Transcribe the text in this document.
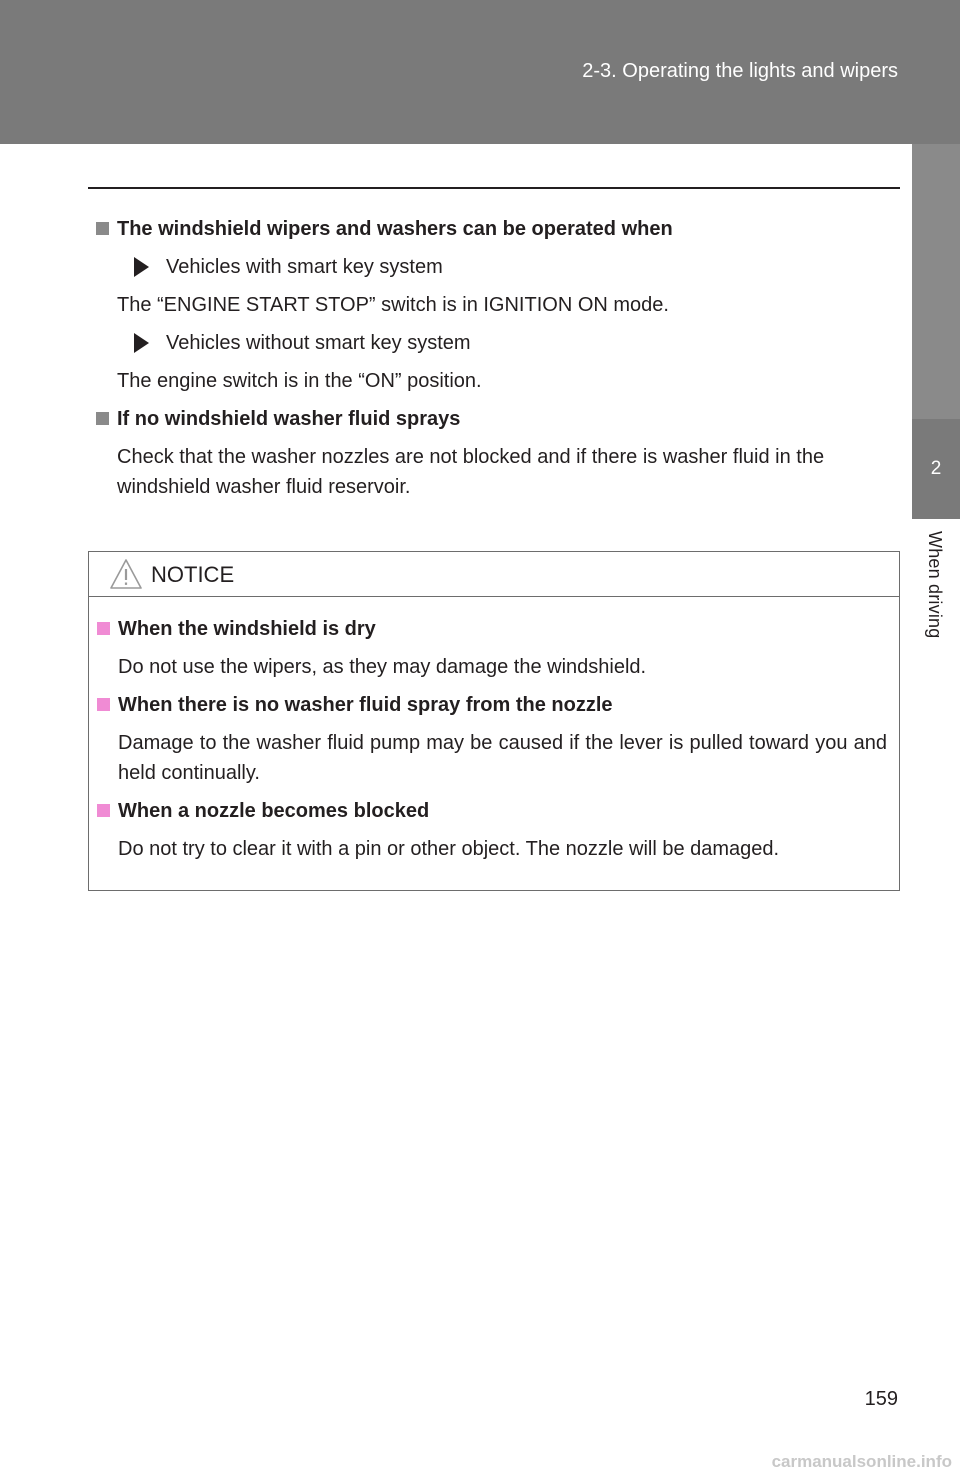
2-3. Operating the lights and wipers
2
When driving
The windshield wipers and washers can be operated when
Vehicles with smart key system
The “ENGINE START STOP” switch is in IGNITION ON mode.
Vehicles without smart key system
The engine switch is in the “ON” position.
If no windshield washer fluid sprays
Check that the washer nozzles are not blocked and if there is washer fluid in the windshield washer fluid reservoir.
NOTICE
When the windshield is dry
Do not use the wipers, as they may damage the windshield.
When there is no washer fluid spray from the nozzle
Damage to the washer fluid pump may be caused if the lever is pulled toward you and held continually.
When a nozzle becomes blocked
Do not try to clear it with a pin or other object. The nozzle will be damaged.
159
carmanualsonline.info
